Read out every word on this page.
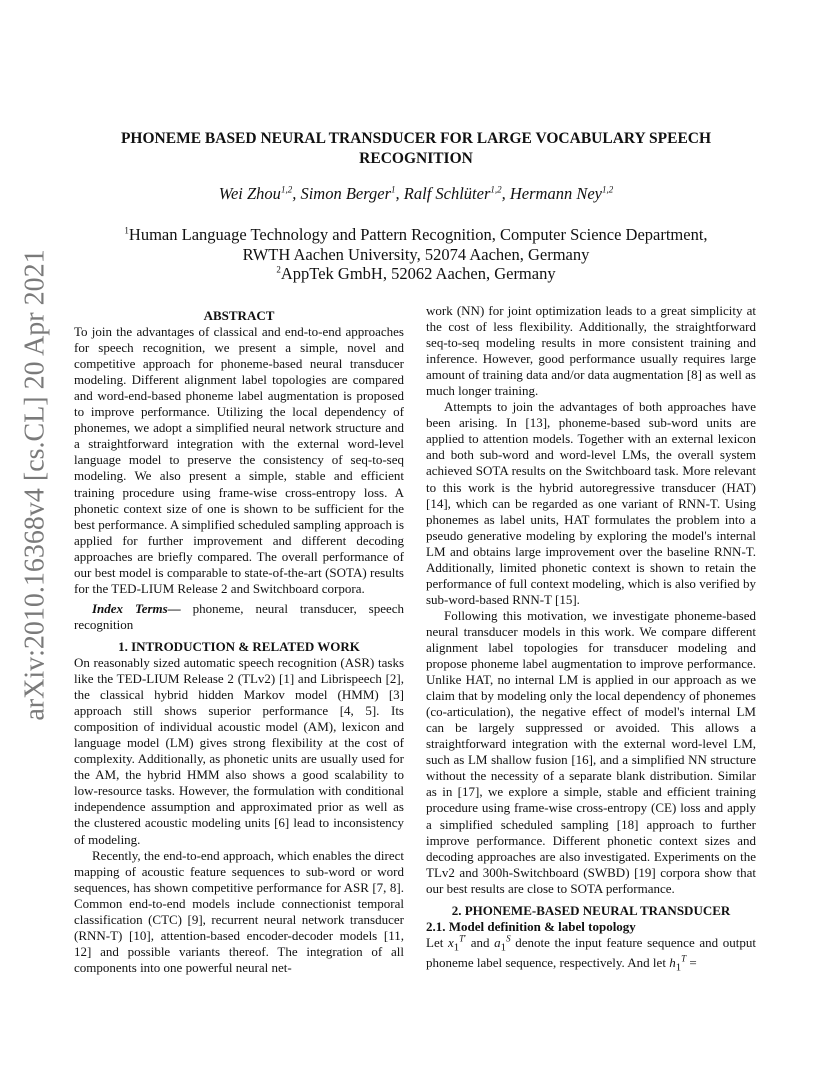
arXiv:2010.16368v4 [cs.CL] 20 Apr 2021
PHONEME BASED NEURAL TRANSDUCER FOR LARGE VOCABULARY SPEECH RECOGNITION
Wei Zhou$^{1,2}$, Simon Berger$^1$, Ralf Schlüter$^{1,2}$, Hermann Ney$^{1,2}$
$^1$Human Language Technology and Pattern Recognition, Computer Science Department,
RWTH Aachen University, 52074 Aachen, Germany
$^2$AppTek GmbH, 52062 Aachen, Germany

ABSTRACT

To join the advantages of classical and end-to-end approaches for speech recognition, we present a simple, novel and competitive approach for phoneme-based neural transducer modeling. Different alignment label topologies are compared and word-end-based phoneme label augmentation is proposed to improve performance. Utilizing the local dependency of phonemes, we adopt a simplified neural network structure and a straightforward integration with the external word-level language model to preserve the consistency of seq-to-seq modeling. We also present a simple, stable and efficient training procedure using frame-wise cross-entropy loss. A phonetic context size of one is shown to be sufficient for the best performance. A simplified scheduled sampling approach is applied for further improvement and different decoding approaches are briefly compared. The overall performance of our best model is comparable to state-of-the-art (SOTA) results for the TED-LIUM Release 2 and Switchboard corpora.

Index Terms— phoneme, neural transducer, speech recognition

1. INTRODUCTION & RELATED WORK

On reasonably sized automatic speech recognition (ASR) tasks like the TED-LIUM Release 2 (TLv2) [1] and Librispeech [2], the classical hybrid hidden Markov model (HMM) [3] approach still shows superior performance [4, 5]. Its composition of individual acoustic model (AM), lexicon and language model (LM) gives strong flexibility at the cost of complexity. Additionally, as phonetic units are usually used for the AM, the hybrid HMM also shows a good scalability to low-resource tasks. However, the formulation with conditional independence assumption and approximated prior as well as the clustered acoustic modeling units [6] lead to inconsistency of modeling.

Recently, the end-to-end approach, which enables the direct mapping of acoustic feature sequences to sub-word or word sequences, has shown competitive performance for ASR [7, 8]. Common end-to-end models include connectionist temporal classification (CTC) [9], recurrent neural network transducer (RNN-T) [10], attention-based encoder-decoder models [11, 12] and possible variants thereof. The integration of all components into one powerful neural net-

work (NN) for joint optimization leads to a great simplicity at the cost of less flexibility. Additionally, the straightforward seq-to-seq modeling results in more consistent training and inference. However, good performance usually requires large amount of training data and/or data augmentation [8] as well as much longer training.

Attempts to join the advantages of both approaches have been arising. In [13], phoneme-based sub-word units are applied to attention models. Together with an external lexicon and both sub-word and word-level LMs, the overall system achieved SOTA results on the Switchboard task. More relevant to this work is the hybrid autoregressive transducer (HAT) [14], which can be regarded as one variant of RNN-T. Using phonemes as label units, HAT formulates the problem into a pseudo generative modeling by exploring the model's internal LM and obtains large improvement over the baseline RNN-T. Additionally, limited phonetic context is shown to retain the performance of full context modeling, which is also verified by sub-word-based RNN-T [15].

Following this motivation, we investigate phoneme-based neural transducer models in this work. We compare different alignment label topologies for transducer modeling and propose phoneme label augmentation to improve performance. Unlike HAT, no internal LM is applied in our approach as we claim that by modeling only the local dependency of phonemes (co-articulation), the negative effect of model's internal LM can be largely suppressed or avoided. This allows a straightforward integration with the external word-level LM, such as LM shallow fusion [16], and a simplified NN structure without the necessity of a separate blank distribution. Similar as in [17], we explore a simple, stable and efficient training procedure using frame-wise cross-entropy (CE) loss and apply a simplified scheduled sampling [18] approach to further improve performance. Different phonetic context sizes and decoding approaches are also investigated. Experiments on the TLv2 and 300h-Switchboard (SWBD) [19] corpora show that our best results are close to SOTA performance.

2. PHONEME-BASED NEURAL TRANSDUCER

2.1. Model definition & label topology

Let $x_1^{T'}$ and $a_1^S$ denote the input feature sequence and output phoneme label sequence, respectively. And let $h_1^T$ =
